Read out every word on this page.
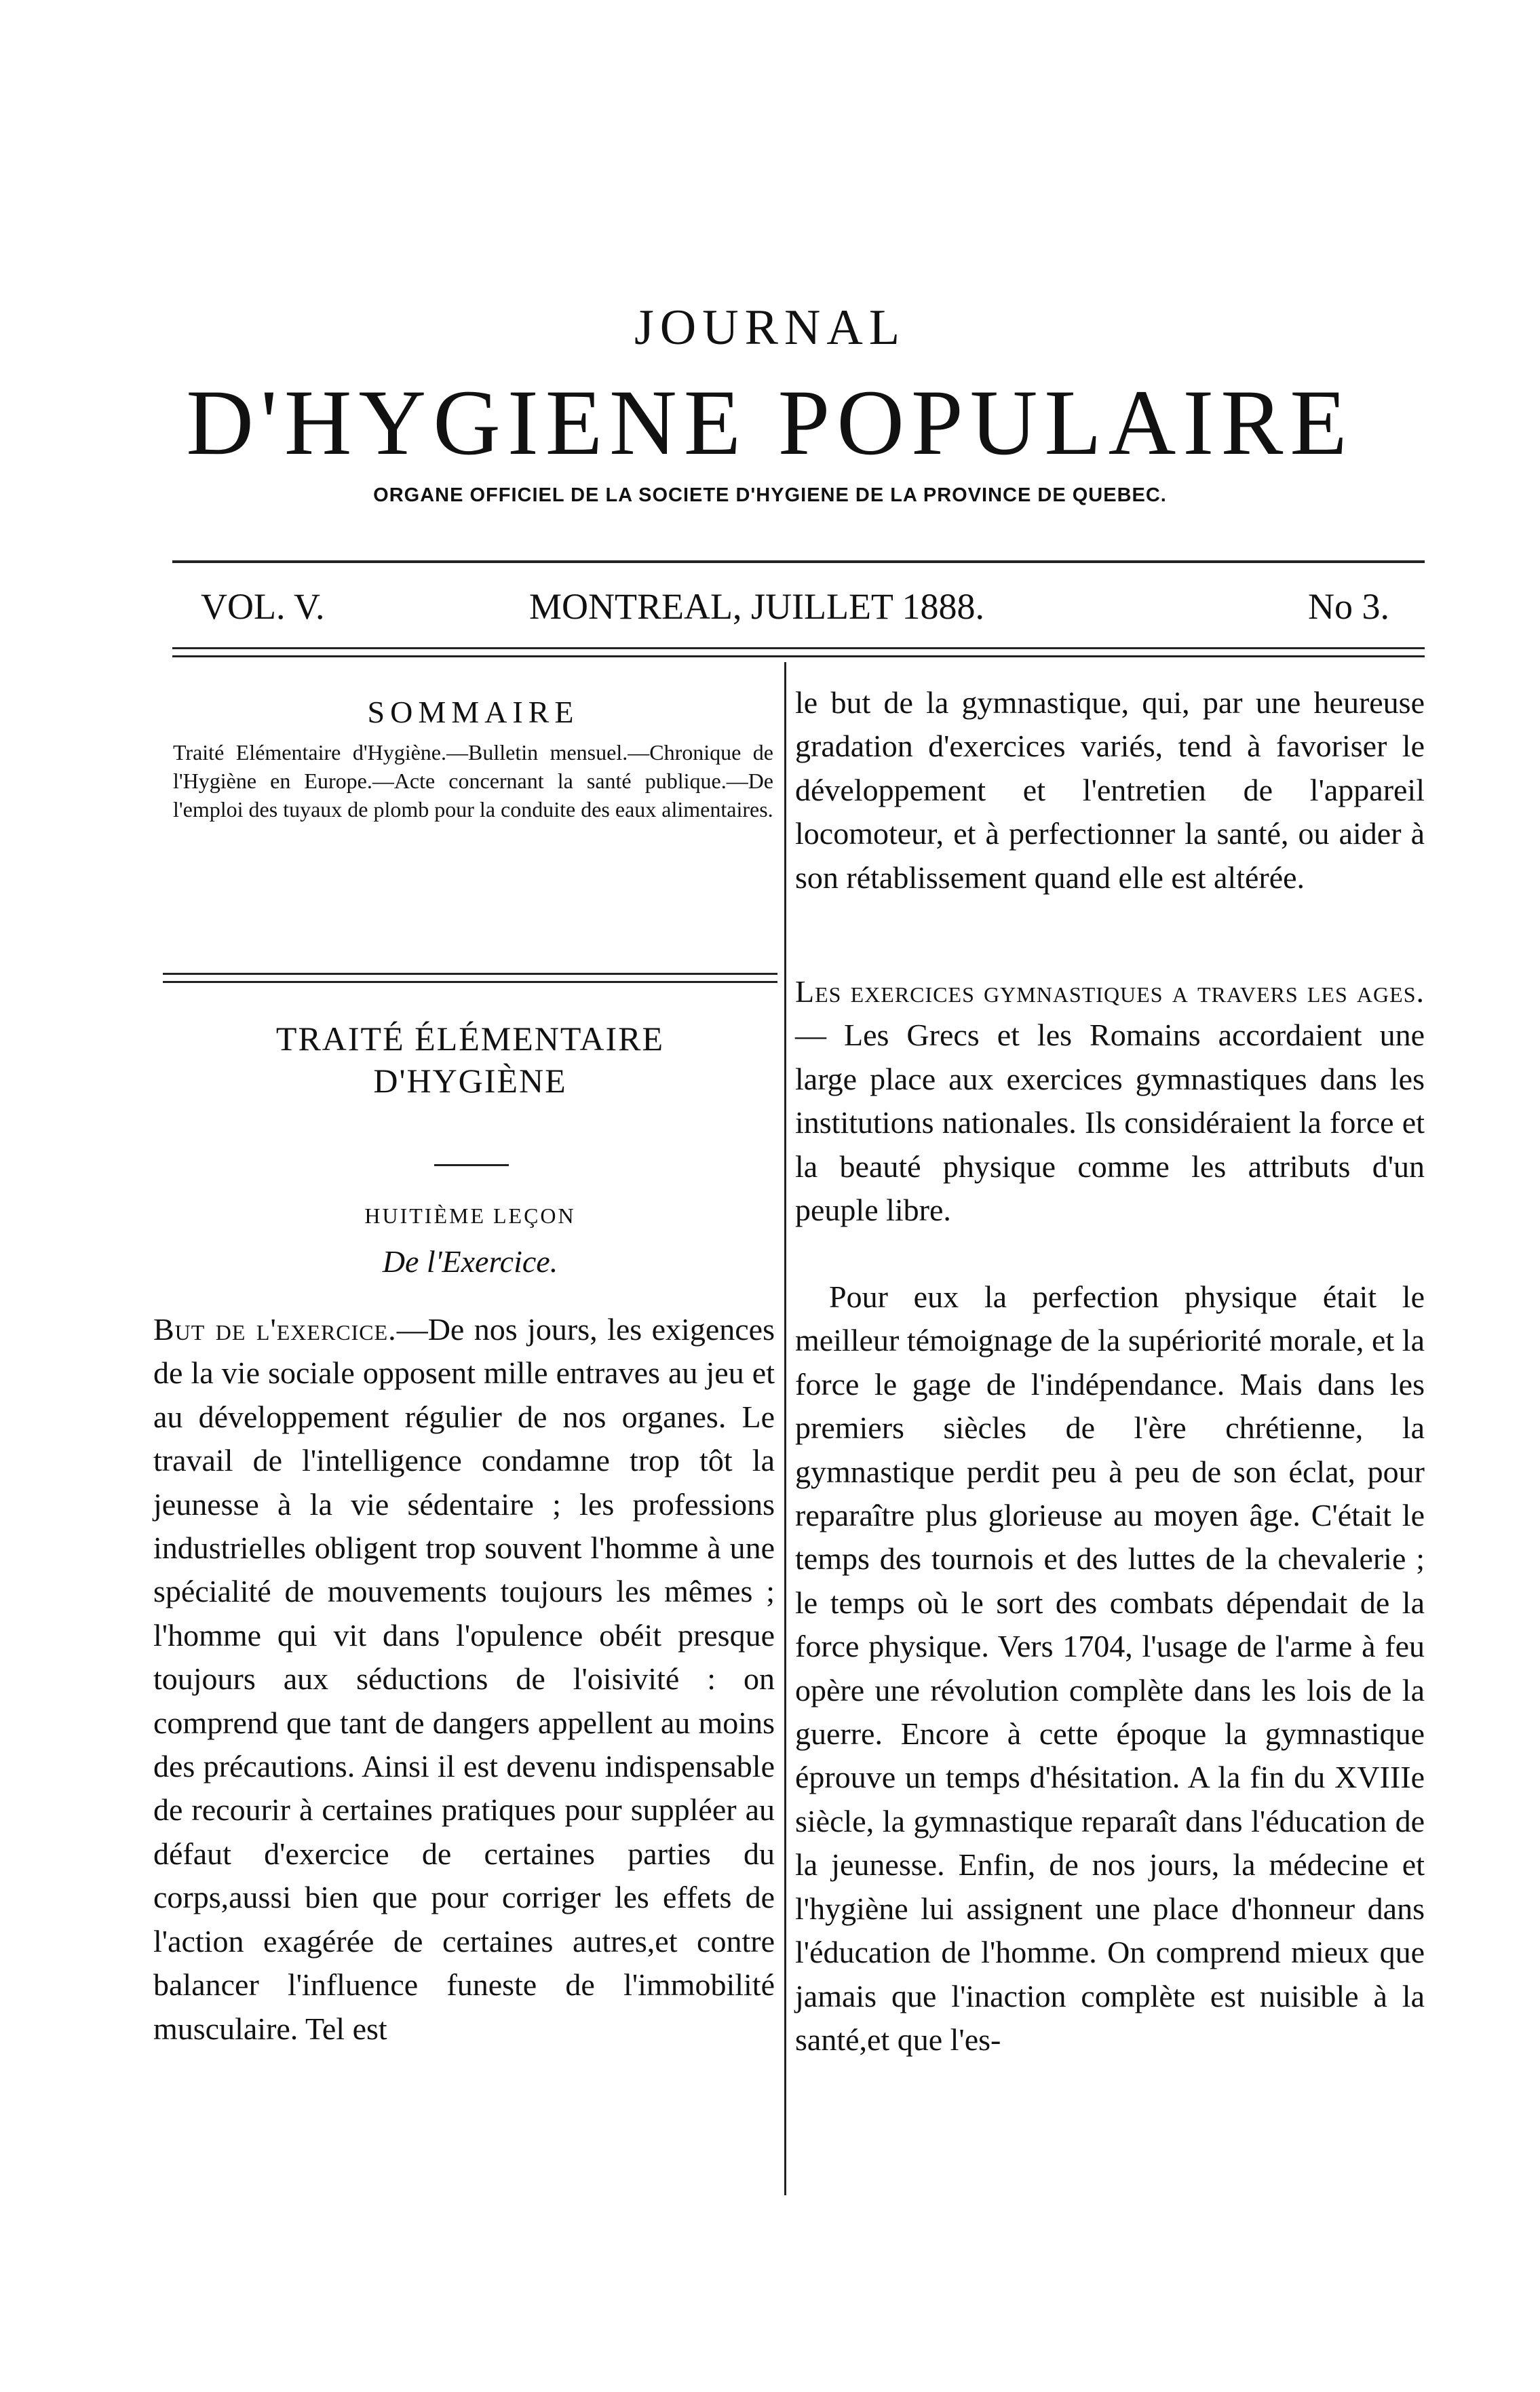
JOURNAL
D'HYGIENE POPULAIRE
ORGANE OFFICIEL DE LA SOCIETE D'HYGIENE DE LA PROVINCE DE QUEBEC.
VOL. V.	MONTREAL, JUILLET 1888.	No 3.
SOMMAIRE
Traité Elémentaire d'Hygiène.—Bulletin mensuel.—Chronique de l'Hygiène en Europe.—Acte concernant la santé publique.—De l'emploi des tuyaux de plomb pour la conduite des eaux alimentaires.
TRAITÉ ÉLÉMENTAIRE
D'HYGIÈNE
HUITIÈME LEÇON
De l'Exercice.
But de l'exercice.—De nos jours, les exigences de la vie sociale opposent mille entraves au jeu et au développement régulier de nos organes. Le travail de l'intelligence condamne trop tôt la jeunesse à la vie sédentaire ; les professions industrielles obligent trop souvent l'homme à une spécialité de mouvements toujours les mêmes ; l'homme qui vit dans l'opulence obéit presque toujours aux séductions de l'oisivité : on comprend que tant de dangers appellent au moins des précautions. Ainsi il est devenu indispensable de recourir à certaines pratiques pour suppléer au défaut d'exercice de certaines parties du corps,aussi bien que pour corriger les effets de l'action exagérée de certaines autres,et contre balancer l'influence funeste de l'immobilité musculaire. Tel est
le but de la gymnastique, qui, par une heureuse gradation d'exercices variés, tend à favoriser le développement et l'entretien de l'appareil locomoteur, et à perfectionner la santé, ou aider à son rétablissement quand elle est altérée.
Les exercices gymnastiques a travers les ages.— Les Grecs et les Romains accordaient une large place aux exercices gymnastiques dans les institutions nationales. Ils considéraient la force et la beauté physique comme les attributs d'un peuple libre.
Pour eux la perfection physique était le meilleur témoignage de la supériorité morale, et la force le gage de l'indépendance. Mais dans les premiers siècles de l'ère chrétienne, la gymnastique perdit peu à peu de son éclat, pour reparaître plus glorieuse au moyen âge. C'était le temps des tournois et des luttes de la chevalerie ; le temps où le sort des combats dépendait de la force physique. Vers 1704, l'usage de l'arme à feu opère une révolution complète dans les lois de la guerre. Encore à cette époque la gymnastique éprouve un temps d'hésitation. A la fin du XVIIIe siècle, la gymnastique reparaît dans l'éducation de la jeunesse. Enfin, de nos jours, la médecine et l'hygiène lui assignent une place d'honneur dans l'éducation de l'homme. On comprend mieux que jamais que l'inaction complète est nuisible à la santé,et que l'es-
